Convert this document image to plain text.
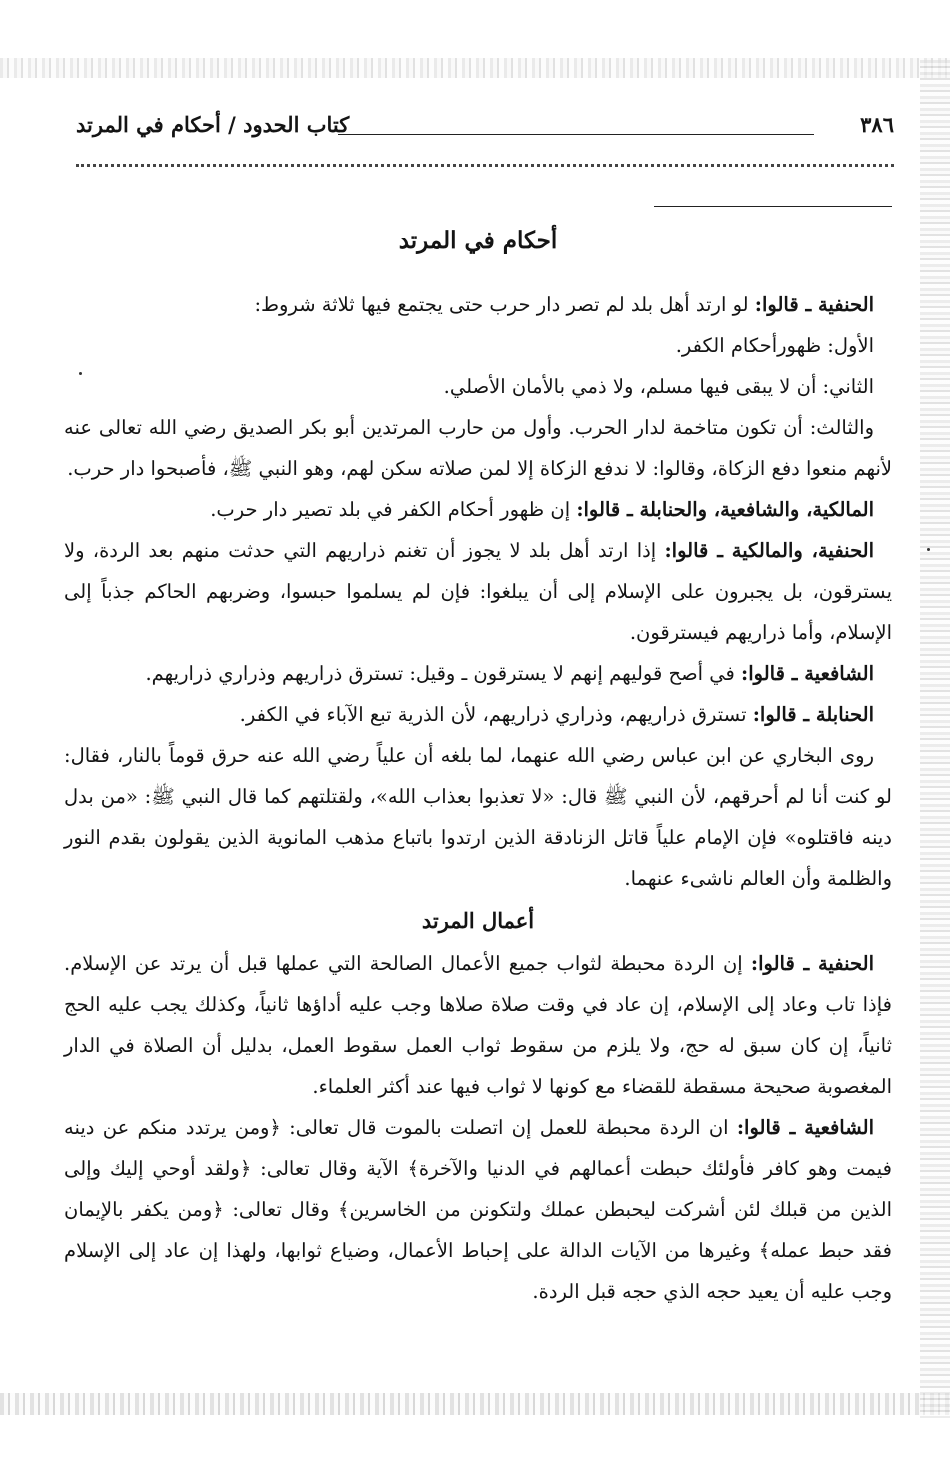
٣٨٦
كتاب الحدود / أحكام في المرتد
أحكام في المرتد

الحنفية ـ قالوا: لو ارتد أهل بلد لم تصر دار حرب حتى يجتمع فيها ثلاثة شروط:

الأول: ظهورأحكام الكفر.

الثاني: أن لا يبقى فيها مسلم، ولا ذمي بالأمان الأصلي.

والثالث: أن تكون متاخمة لدار الحرب. وأول من حارب المرتدين أبو بكر الصديق رضي الله تعالى عنه لأنهم منعوا دفع الزكاة، وقالوا: لا ندفع الزكاة إلا لمن صلاته سكن لهم، وهو النبي ﷺ، فأصبحوا دار حرب.

المالكية، والشافعية، والحنابلة ـ قالوا: إن ظهور أحكام الكفر في بلد تصير دار حرب.

الحنفية، والمالكية ـ قالوا: إذا ارتد أهل بلد لا يجوز أن تغنم ذراريهم التي حدثت منهم بعد الردة، ولا يسترقون، بل يجبرون على الإسلام إلى أن يبلغوا: فإن لم يسلموا حبسوا، وضربهم الحاكم جذباً إلى الإسلام، وأما ذراريهم فيسترقون.

الشافعية ـ قالوا: في أصح قوليهم إنهم لا يسترقون ـ وقيل: تسترق ذراريهم وذراري ذراريهم.

الحنابلة ـ قالوا: تسترق ذراريهم، وذراري ذراريهم، لأن الذرية تبع الآباء في الكفر.

روى البخاري عن ابن عباس رضي الله عنهما، لما بلغه أن علياً رضي الله عنه حرق قوماً بالنار، فقال: لو كنت أنا لم أحرقهم، لأن النبي ﷺ قال: «لا تعذبوا بعذاب الله»، ولقتلتهم كما قال النبي ﷺ: «من بدل دينه فاقتلوه» فإن الإمام علياً قاتل الزنادقة الذين ارتدوا باتباع مذهب المانوية الذين يقولون بقدم النور والظلمة وأن العالم ناشىء عنهما.

أعمال المرتد

الحنفية ـ قالوا: إن الردة محبطة لثواب جميع الأعمال الصالحة التي عملها قبل أن يرتد عن الإسلام. فإذا تاب وعاد إلى الإسلام، إن عاد في وقت صلاة صلاها وجب عليه أداؤها ثانياً، وكذلك يجب عليه الحج ثانياً، إن كان سبق له حج، ولا يلزم من سقوط ثواب العمل سقوط العمل، بدليل أن الصلاة في الدار المغصوبة صحيحة مسقطة للقضاء مع كونها لا ثواب فيها عند أكثر العلماء.

الشافعية ـ قالوا: ان الردة محبطة للعمل إن اتصلت بالموت قال تعالى: ﴿ومن يرتدد منكم عن دينه فيمت وهو كافر فأولئك حبطت أعمالهم في الدنيا والآخرة﴾ الآية وقال تعالى: ﴿ولقد أوحي إليك وإلى الذين من قبلك لئن أشركت ليحبطن عملك ولتكونن من الخاسرين﴾ وقال تعالى: ﴿ومن يكفر بالإيمان فقد حبط عمله﴾ وغيرها من الآيات الدالة على إحباط الأعمال، وضياع ثوابها، ولهذا إن عاد إلى الإسلام وجب عليه أن يعيد حجه الذي حجه قبل الردة.
